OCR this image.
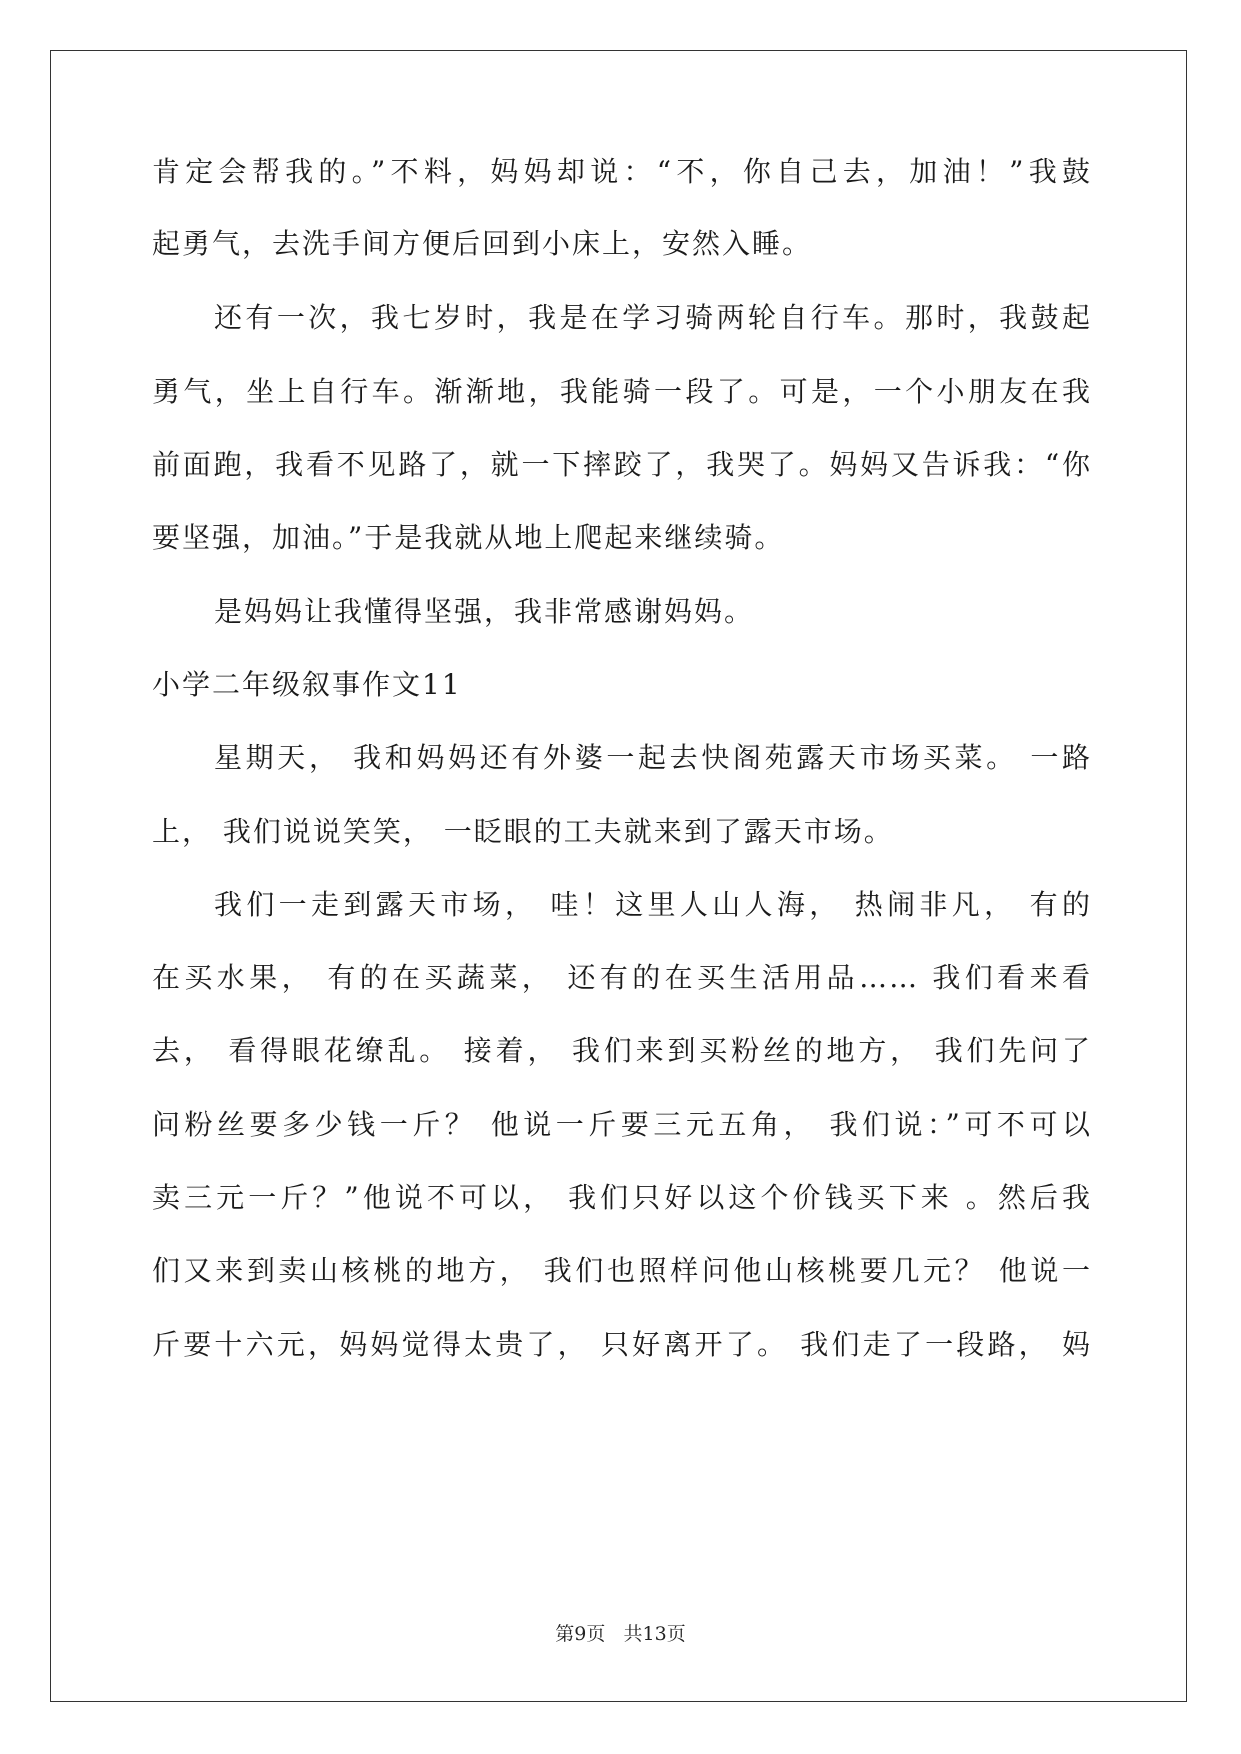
肯定会帮我的。”不料，妈妈却说：“不，你自己去，加油！”我鼓
起勇气，去洗手间方便后回到小床上，安然入睡。
还有一次，我七岁时，我是在学习骑两轮自行车。那时，我鼓起
勇气，坐上自行车。渐渐地，我能骑一段了。可是，一个小朋友在我
前面跑，我看不见路了，就一下摔跤了，我哭了。妈妈又告诉我：“你
要坚强，加油。”于是我就从地上爬起来继续骑。
是妈妈让我懂得坚强，我非常感谢妈妈。
小学二年级叙事作文11
星期天， 我和妈妈还有外婆一起去快阁苑露天市场买菜。 一路
上， 我们说说笑笑， 一眨眼的工夫就来到了露天市场。
我们一走到露天市场， 哇！这里人山人海， 热闹非凡， 有的
在买水果， 有的在买蔬菜， 还有的在买生活用品…… 我们看来看
去， 看得眼花缭乱。 接着， 我们来到买粉丝的地方， 我们先问了
问粉丝要多少钱一斤？ 他说一斤要三元五角， 我们说：”可不可以
卖三元一斤？”他说不可以， 我们只好以这个价钱买下来 。然后我
们又来到卖山核桃的地方， 我们也照样问他山核桃要几元？ 他说一
斤要十六元，妈妈觉得太贵了， 只好离开了。 我们走了一段路， 妈
第9页 共13页
